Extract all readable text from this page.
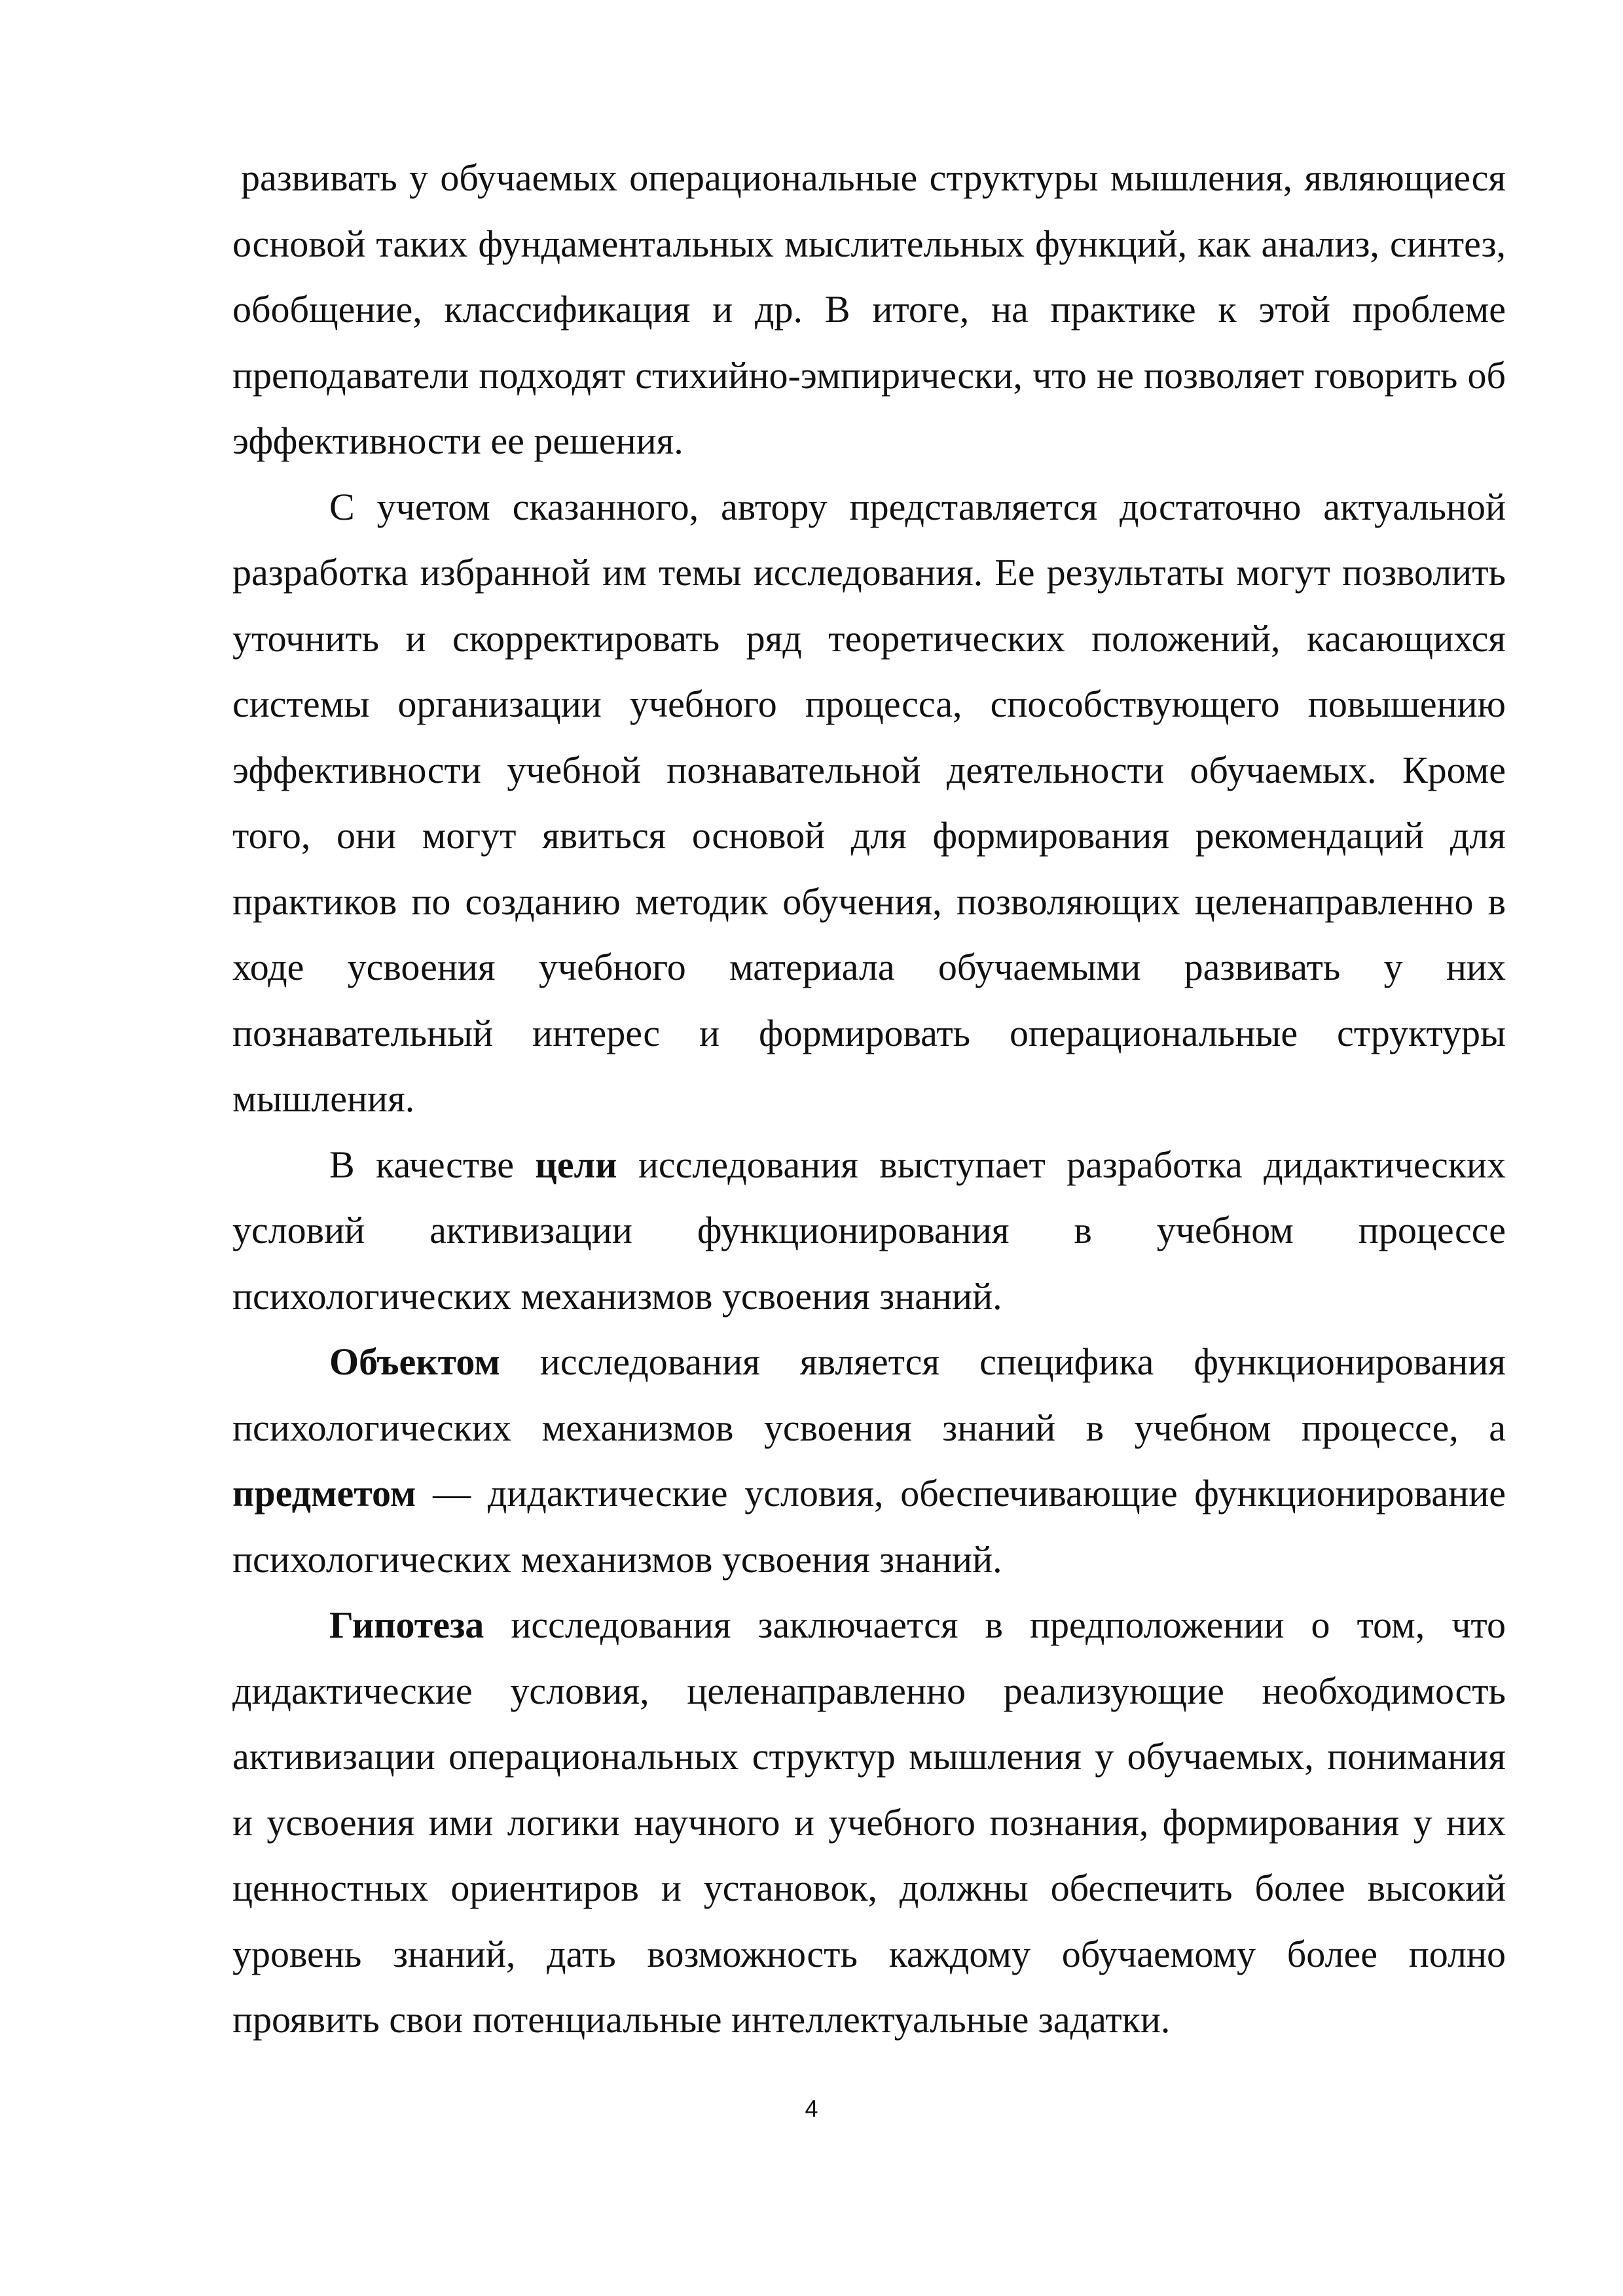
развивать у обучаемых операциональные структуры мышления, являющиеся основой таких фундаментальных мыслительных функций, как анализ, синтез, обобщение, классификация и др. В итоге, на практике к этой проблеме преподаватели подходят стихийно-эмпирически, что не позволяет говорить об эффективности ее решения.

С учетом сказанного, автору представляется достаточно актуальной разработка избранной им темы исследования. Ее результаты могут позволить уточнить и скорректировать ряд теоретических положений, касающихся системы организации учебного процесса, способствующего повышению эффективности учебной познавательной деятельности обучаемых. Кроме того, они могут явиться основой для формирования рекомендаций для практиков по созданию методик обучения, позволяющих целенаправленно в ходе усвоения учебного материала обучаемыми развивать у них познавательный интерес и формировать операциональные структуры мышления.

В качестве цели исследования выступает разработка дидактических условий активизации функционирования в учебном процессе психологических механизмов усвоения знаний.

Объектом исследования является специфика функционирования психологических механизмов усвоения знаний в учебном процессе, а предметом — дидактические условия, обеспечивающие функционирование психологических механизмов усвоения знаний.

Гипотеза исследования заключается в предположении о том, что дидактические условия, целенаправленно реализующие необходимость активизации операциональных структур мышления у обучаемых, понимания и усвоения ими логики научного и учебного познания, формирования у них ценностных ориентиров и установок, должны обеспечить более высокий уровень знаний, дать возможность каждому обучаемому более полно проявить свои потенциальные интеллектуальные задатки.

4
